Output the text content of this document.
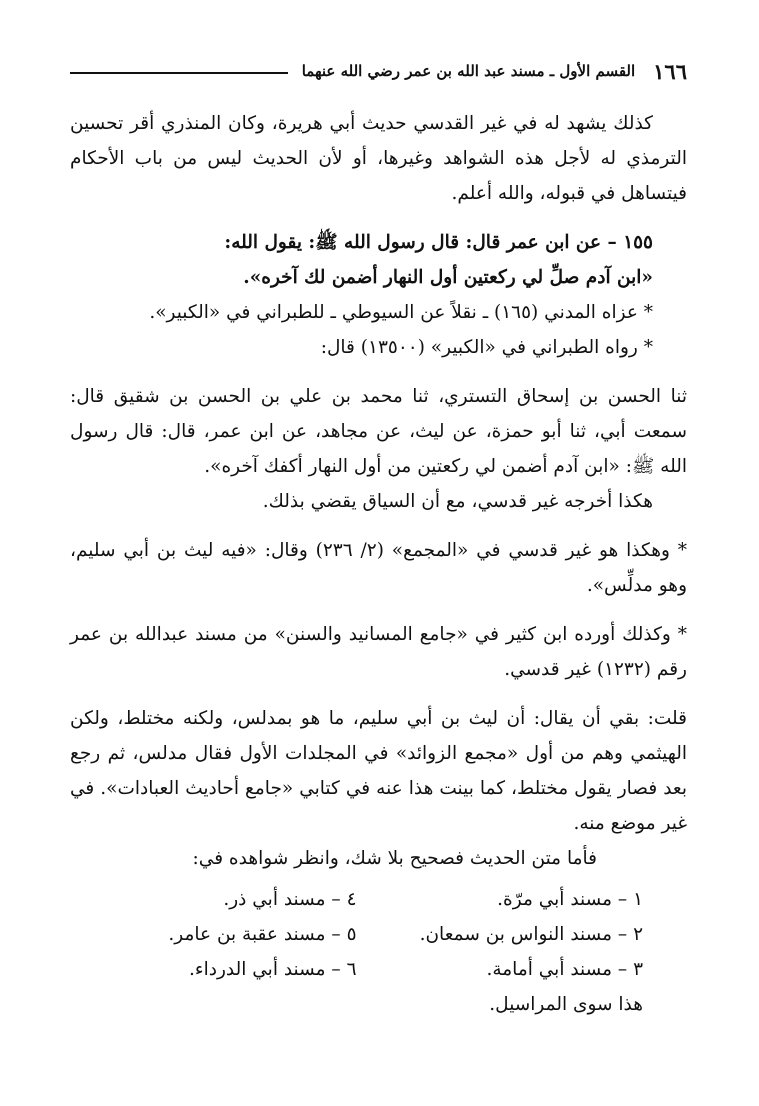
١٦٦
القسم الأول ـ مسند عبد الله بن عمر رضي الله عنهما

كذلك يشهد له في غير القدسي حديث أبي هريرة، وكان المنذري أقر تحسين الترمذي له لأجل هذه الشواهد وغيرها، أو لأن الحديث ليس من باب الأحكام فيتساهل في قبوله، والله أعلم.

١٥٥ – عن ابن عمر قال: قال رسول الله ﷺ: يقول الله:

«ابن آدم صلِّ لي ركعتين أول النهار أضمن لك آخره».

* عزاه المدني (١٦٥) ـ نقلاً عن السيوطي ـ للطبراني في «الكبير».

* رواه الطبراني في «الكبير» (١٣٥٠٠) قال:

ثنا الحسن بن إسحاق التستري، ثنا محمد بن علي بن الحسن بن شقيق قال: سمعت أبي، ثنا أبو حمزة، عن ليث، عن مجاهد، عن ابن عمر، قال: قال رسول الله ﷺ: «ابن آدم أضمن لي ركعتين من أول النهار أكفك آخره».

هكذا أخرجه غير قدسي، مع أن السياق يقضي بذلك.

* وهكذا هو غير قدسي في «المجمع» (٢/ ٢٣٦) وقال: «فيه ليث بن أبي سليم، وهو مدلِّس».

* وكذلك أورده ابن كثير في «جامع المسانيد والسنن» من مسند عبدالله بن عمر رقم (١٢٣٢) غير قدسي.

قلت: بقي أن يقال: أن ليث بن أبي سليم، ما هو بمدلس، ولكنه مختلط، ولكن الهيثمي وهم من أول «مجمع الزوائد» في المجلدات الأول فقال مدلس، ثم رجع بعد فصار يقول مختلط، كما بينت هذا عنه في كتابي «جامع أحاديث العبادات». في غير موضع منه.

فأما متن الحديث فصحيح بلا شك، وانظر شواهده في:

١ – مسند أبي مرّة.

٢ – مسند النواس بن سمعان.

٣ – مسند أبي أمامة.

٤ – مسند أبي ذر.

٥ – مسند عقبة بن عامر.

٦ – مسند أبي الدرداء.

هذا سوى المراسيل.
